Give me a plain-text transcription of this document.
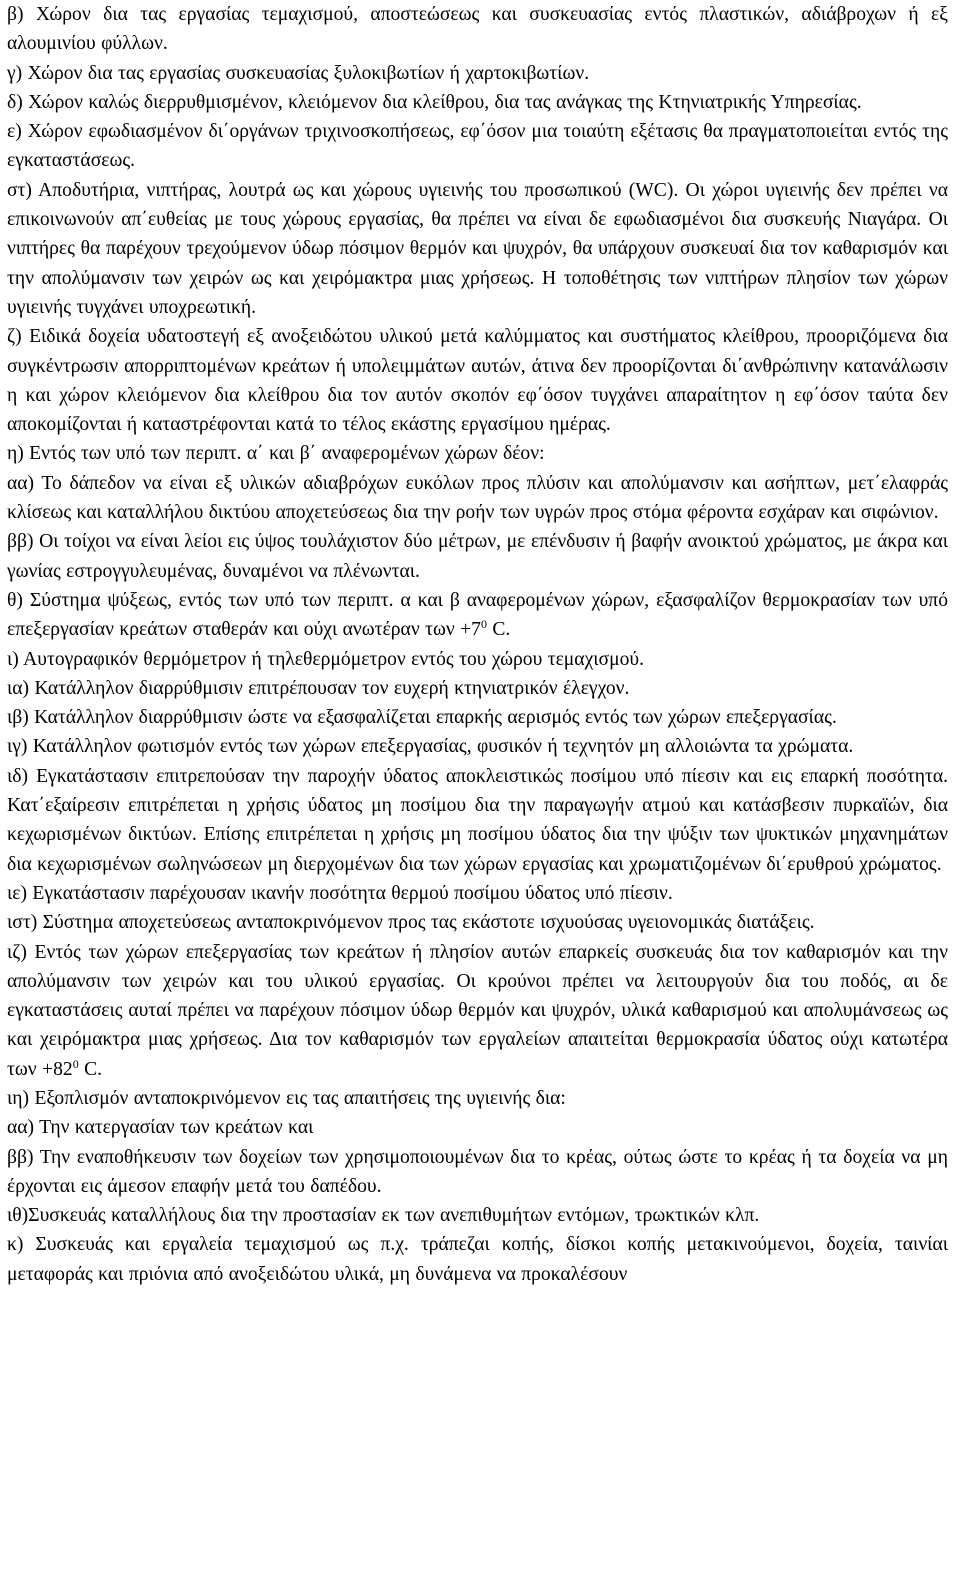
β) Χώρον δια τας εργασίας τεμαχισμού, αποστεώσεως και συσκευασίας εντός πλαστικών, αδιάβροχων ή εξ αλουμινίου φύλλων.

γ) Χώρον δια τας εργασίας συσκευασίας ξυλοκιβωτίων ή χαρτοκιβωτίων.

δ) Χώρον καλώς διερρυθμισμένον, κλειόμενον δια κλείθρου, δια τας ανάγκας της Κτηνιατρικής Υπηρεσίας.

ε) Χώρον εφωδιασμένον δι΄οργάνων τριχινοσκοπήσεως, εφ΄όσον μια τοιαύτη εξέτασις θα πραγματοποιείται εντός της εγκαταστάσεως.

στ) Αποδυτήρια, νιπτήρας, λουτρά ως και χώρους υγιεινής του προσωπικού (WC). Οι χώροι υγιεινής δεν πρέπει να επικοινωνούν απ΄ευθείας με τους χώρους εργασίας, θα πρέπει να είναι δε εφωδιασμένοι δια συσκευής Νιαγάρα. Οι νιπτήρες θα παρέχουν τρεχούμενον ύδωρ πόσιμον θερμόν και ψυχρόν, θα υπάρχουν συσκευαί δια τον καθαρισμόν και την απολύμανσιν των χειρών ως και χειρόμακτρα μιας χρήσεως. Η τοποθέτησις των νιπτήρων πλησίον των χώρων υγιεινής τυγχάνει υποχρεωτική.

ζ) Ειδικά δοχεία υδατοστεγή εξ ανοξειδώτου υλικού μετά καλύμματος και συστήματος κλείθρου, προοριζόμενα δια συγκέντρωσιν απορριπτομένων κρεάτων ή υπολειμμάτων αυτών, άτινα δεν προορίζονται δι΄ανθρώπινην κατανάλωσιν η και χώρον κλειόμενον δια κλείθρου δια τον αυτόν σκοπόν εφ΄όσον τυγχάνει απαραίτητον η εφ΄όσον ταύτα δεν αποκομίζονται ή καταστρέφονται κατά το τέλος εκάστης εργασίμου ημέρας.

η) Εντός των υπό των περιπτ. α΄ και β΄ αναφερομένων χώρων δέον:

αα) Το δάπεδον να είναι εξ υλικών αδιαβρόχων ευκόλων προς πλύσιν και απολύμανσιν και ασήπτων, μετ΄ελαφράς κλίσεως και καταλλήλου δικτύου αποχετεύσεως δια την ροήν των υγρών προς στόμα φέροντα εσχάραν και σιφώνιον.

ββ) Οι τοίχοι να είναι λείοι εις ύψος τουλάχιστον δύο μέτρων, με επένδυσιν ή βαφήν ανοικτού χρώματος, με άκρα και γωνίας εστρογγυλευμένας, δυναμένοι να πλένωνται.

θ) Σύστημα ψύξεως, εντός των υπό των περιπτ. α και β αναφερομένων χώρων, εξασφαλίζον θερμοκρασίαν των υπό επεξεργασίαν κρεάτων σταθεράν και ούχι ανωτέραν $\tau\omega\nu +7^0$ C.

ι) Αυτογραφικόν θερμόμετρον ή τηλεθερμόμετρον εντός του χώρου τεμαχισμού.

ια) Κατάλληλον διαρρύθμισιν επιτρέπουσαν τον ευχερή κτηνιατρικόν έλεγχον.

ιβ) Κατάλληλον διαρρύθμισιν ώστε να εξασφαλίζεται επαρκής αερισμός εντός των χώρων επεξεργασίας.

ιγ) Κατάλληλον φωτισμόν εντός των χώρων επεξεργασίας, φυσικόν ή τεχνητόν μη αλλοιώντα τα χρώματα.

ιδ) Εγκατάστασιν επιτρεπούσαν την παροχήν ύδατος αποκλειστικώς ποσίμου υπό πίεσιν και εις επαρκή ποσότητα. Κατ΄εξαίρεσιν επιτρέπεται η χρήσις ύδατος μη ποσίμου δια την παραγωγήν ατμού και κατάσβεσιν πυρκαϊών, δια κεχωρισμένων δικτύων. Επίσης επιτρέπεται η χρήσις μη ποσίμου ύδατος δια την ψύξιν των ψυκτικών μηχανημάτων δια κεχωρισμένων σωληνώσεων μη διερχομένων δια των χώρων εργασίας και χρωματιζομένων δι΄ερυθρού χρώματος.

ιε) Εγκατάστασιν παρέχουσαν ικανήν ποσότητα θερμού ποσίμου ύδατος υπό πίεσιν.

ιστ) Σύστημα αποχετεύσεως ανταποκρινόμενον προς τας εκάστοτε ισχυούσας υγειονομικάς διατάξεις.

ιζ) Εντός των χώρων επεξεργασίας των κρεάτων ή πλησίον αυτών επαρκείς συσκευάς δια τον καθαρισμόν και την απολύμανσιν των χειρών και του υλικού εργασίας. Οι κρούνοι πρέπει να λειτουργούν δια του ποδός, αι δε εγκαταστάσεις αυταί πρέπει να παρέχουν πόσιμον ύδωρ θερμόν και ψυχρόν, υλικά καθαρισμού και απολυμάνσεως ως και χειρόμακτρα μιας χρήσεως. Δια τον καθαρισμόν των εργαλείων απαιτείται θερμοκρασία ύδατος ούχι κατωτέρα $\tau\omega\nu +82^0$ C.

ιη) Εξοπλισμόν ανταποκρινόμενον εις τας απαιτήσεις της υγιεινής δια:

αα) Την κατεργασίαν των κρεάτων και

ββ) Την εναποθήκευσιν των δοχείων των χρησιμοποιουμένων δια το κρέας, ούτως ώστε το κρέας ή τα δοχεία να μη έρχονται εις άμεσον επαφήν μετά του δαπέδου.

ιθ)Συσκευάς καταλλήλους δια την προστασίαν εκ των ανεπιθυμήτων εντόμων, τρωκτικών κλπ.

κ) Συσκευάς και εργαλεία τεμαχισμού ως π.χ. τράπεζαι κοπής, δίσκοι κοπής μετακινούμενοι, δοχεία, ταινίαι μεταφοράς και πριόνια από ανοξειδώτου υλικά, μη δυνάμενα να προκαλέσουν
